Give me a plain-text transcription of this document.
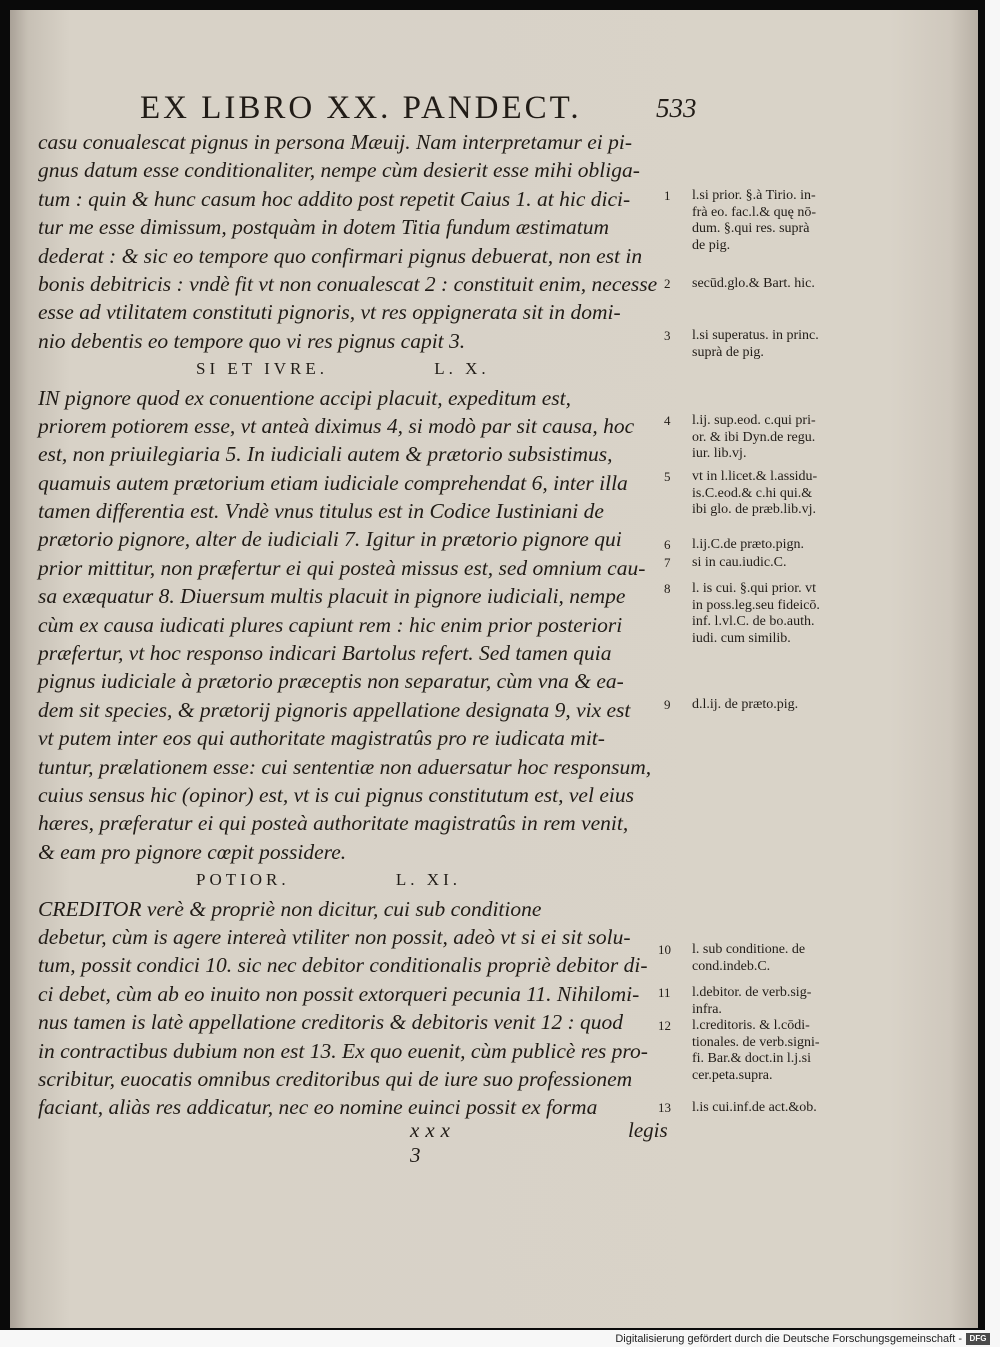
EX LIBRO XX. PANDECT.	533
casu conualescat pignus in persona Mæuij. Nam interpretamur ei pi-
gnus datum esse conditionaliter, nempe cùm desierit esse mihi obliga-
tum : quin & hunc casum hoc addito post repetit Caius 1. at hic dici-
tur me esse dimissum, postquàm in dotem Titia fundum æstimatum
dederat : & sic eo tempore quo confirmari pignus debuerat, non est in
bonis debitricis : vndè fit vt non conualescat 2 : constituit enim, necesse
esse ad vtilitatem constituti pignoris, vt res oppignerata sit in domi-
nio debentis eo tempore quo vi res pignus capit 3.
SI ET IVRE.	L. X.
IN pignore quod ex conuentione accipi placuit, expeditum est,
priorem potiorem esse, vt anteà diximus 4, si modò par sit causa, hoc
est, non priuilegiaria 5. In iudiciali autem & prætorio subsistimus,
quamuis autem prætorium etiam iudiciale comprehendat 6, inter illa
tamen differentia est. Vndè vnus titulus est in Codice Iustiniani de
prætorio pignore, alter de iudiciali 7. Igitur in prætorio pignore qui
prior mittitur, non præfertur ei qui posteà missus est, sed omnium cau-
sa exæquatur 8. Diuersum multis placuit in pignore iudiciali, nempe
cùm ex causa iudicati plures capiunt rem : hic enim prior posteriori
præfertur, vt hoc responso indicari Bartolus refert. Sed tamen quia
pignus iudiciale à prætorio præceptis non separatur, cùm vna & ea-
dem sit species, & prætorij pignoris appellatione designata 9, vix est
vt putem inter eos qui authoritate magistratûs pro re iudicata mit-
tuntur, prælationem esse: cui sententiæ non aduersatur hoc responsum,
cuius sensus hic (opinor) est, vt is cui pignus constitutum est, vel eius
hæres, præferatur ei qui posteà authoritate magistratûs in rem venit,
& eam pro pignore cœpit possidere.
POTIOR.	L. XI.
CREDITOR verè & propriè non dicitur, cui sub conditione
debetur, cùm is agere intereà vtiliter non possit, adeò vt si ei sit solu-
tum, possit condici 10. sic nec debitor conditionalis propriè debitor di-
ci debet, cùm ab eo inuito non possit extorqueri pecunia 11. Nihilomi-
nus tamen is latè appellatione creditoris & debitoris venit 12 : quod
in contractibus dubium non est 13. Ex quo euenit, cùm publicè res pro-
scribitur, euocatis omnibus creditoribus qui de iure suo professionem
faciant, aliàs res addicatur, nec eo nomine euinci possit ex forma
1 l.si prior. §.à Tirio. in-
frà eo. fac.l.& quę nō-
dum. §.qui res. suprà
de pig.
2 secūd.glo.& Bart. hic.
3 l.si superatus. in princ.
suprà de pig.
4 l.ij. sup.eod. c.qui pri-
or. & ibi Dyn.de regu.
iur. lib.vj.
5 vt in l.licet.& l.assidu-
is.C.eod.& c.hi qui.&
ibi glo. de præb.lib.vj.
6 l.ij.C.de præto.pign.
7 si in cau.iudic.C.
8 l. is cui. §.qui prior. vt
in poss.leg.seu fideicō.
inf. l.vl.C. de bo.auth.
iudi. cum similib.
9 d.l.ij. de præto.pig.
10 l. sub conditione. de
cond.indeb.C.
11 l.debitor. de verb.sig-
infra.
12 l.creditoris. & l.cōdi-
tionales. de verb.signi-
fi. Bar.& doct.in l.j.si
cer.peta.supra.
13 l.is cui.inf.de act.&ob.
xxx 3
legis
Digitalisierung gefördert durch die Deutsche Forschungsgemeinschaft - DFG
